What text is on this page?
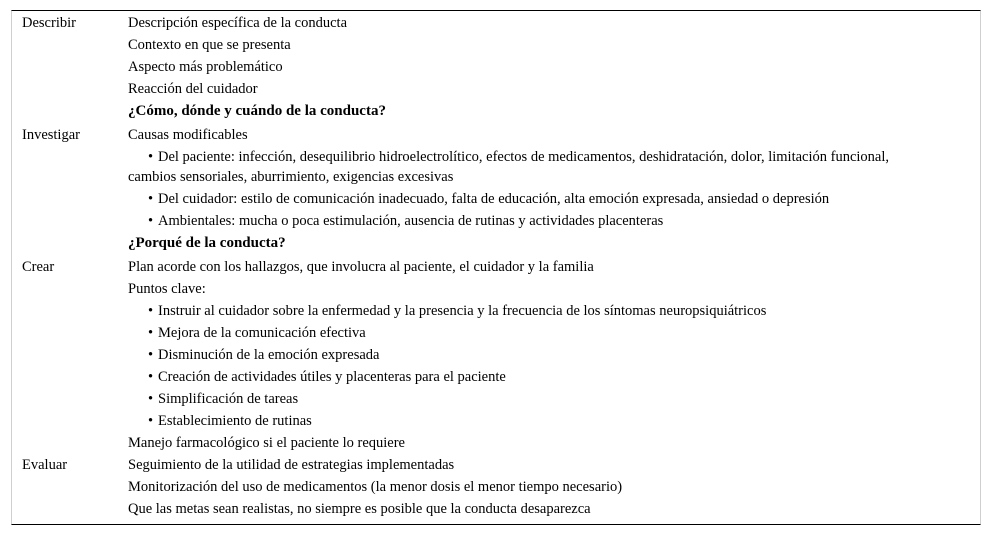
Describir	Descripción específica de la conducta
Contexto en que se presenta
Aspecto más problemático
Reacción del cuidador
¿Cómo, dónde y cuándo de la conducta?
Investigar	Causas modificables
• Del paciente: infección, desequilibrio hidroelectrolítico, efectos de medicamentos, deshidratación, dolor, limitación funcional,
cambios sensoriales, aburrimiento, exigencias excesivas
• Del cuidador: estilo de comunicación inadecuado, falta de educación, alta emoción expresada, ansiedad o depresión
• Ambientales: mucha o poca estimulación, ausencia de rutinas y actividades placenteras
¿Porqué de la conducta?
Crear	Plan acorde con los hallazgos, que involucra al paciente, el cuidador y la familia
Puntos clave:
• Instruir al cuidador sobre la enfermedad y la presencia y la frecuencia de los síntomas neuropsiquiátricos
• Mejora de la comunicación efectiva
• Disminución de la emoción expresada
• Creación de actividades útiles y placenteras para el paciente
• Simplificación de tareas
• Establecimiento de rutinas
Manejo farmacológico si el paciente lo requiere
Evaluar	Seguimiento de la utilidad de estrategias implementadas
Monitorización del uso de medicamentos (la menor dosis el menor tiempo necesario)
Que las metas sean realistas, no siempre es posible que la conducta desaparezca
